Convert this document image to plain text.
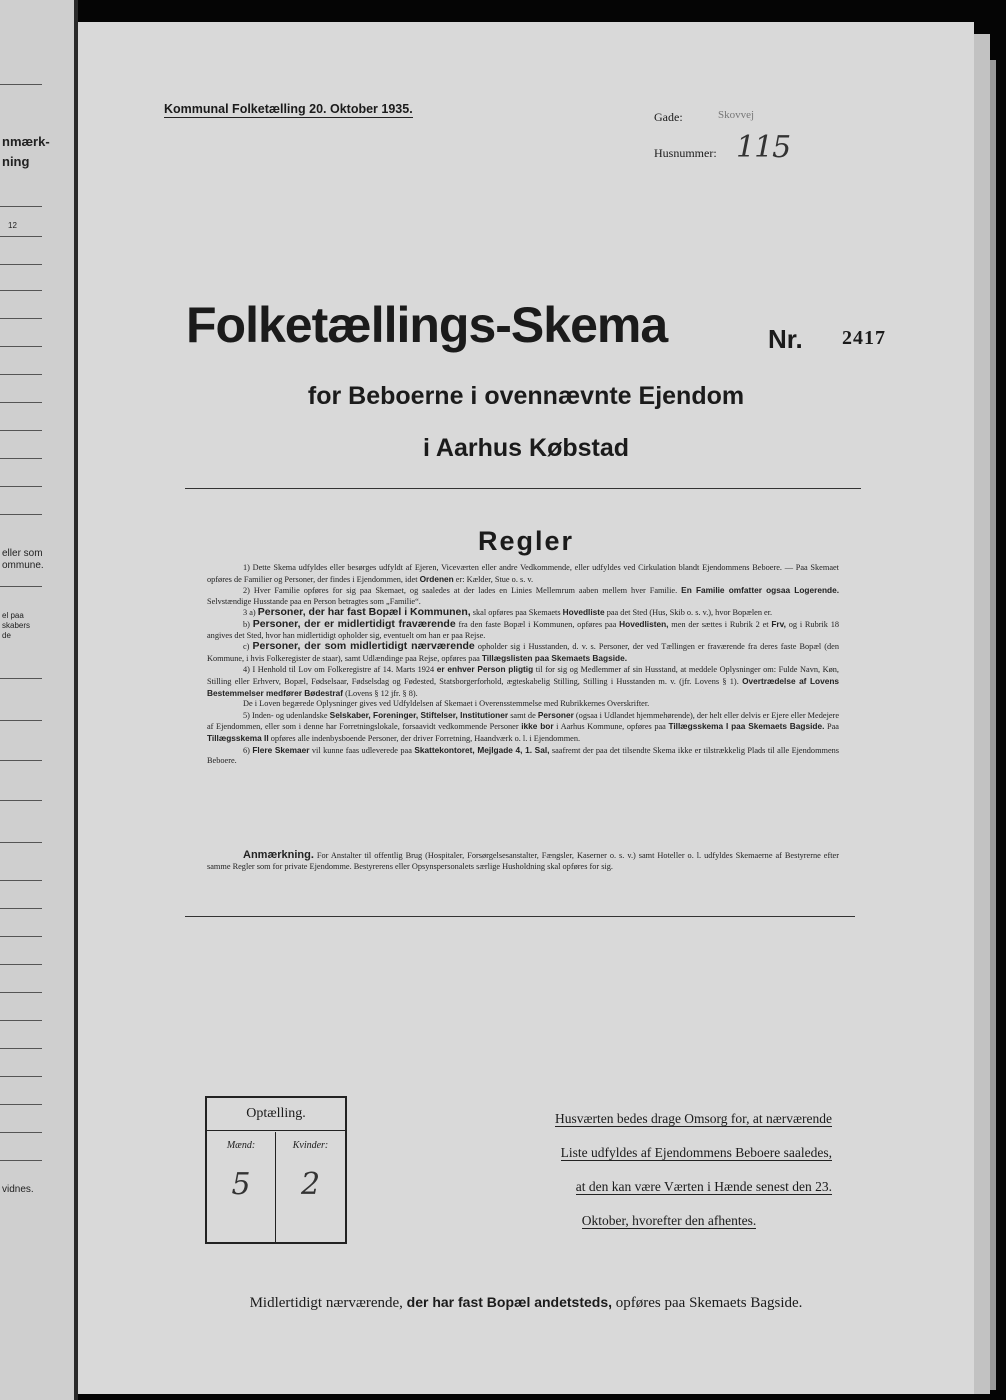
nmærk-
ning
12
eller som
ommune.
el paa
skabers
de
vidnes.
Kommunal Folketælling 20. Oktober 1935.
Gade:	Skovvej
Husnummer: 115
Folketællings-Skema	Nr. 2417
for Beboerne i ovennævnte Ejendom
i Aarhus Købstad
Regler

1) Dette Skema udfyldes eller besørges udfyldt af Ejeren, Viceværten eller andre Vedkommende, eller udfyldes ved Cirkulation blandt Ejendommens Beboere. — Paa Skemaet opføres de Familier og Personer, der findes i Ejendommen, idet Ordenen er: Kælder, Stue o. s. v.

2) Hver Familie opføres for sig paa Skemaet, og saaledes at der lades en Linies Mellemrum aaben mellem hver Familie. En Familie omfatter ogsaa Logerende. Selvstændige Husstande paa en Person betragtes som „Familie“.

3 a) Personer, der har fast Bopæl i Kommunen, skal opføres paa Skemaets Hovedliste paa det Sted (Hus, Skib o. s. v.), hvor Bopælen er.

b) Personer, der er midlertidigt fraværende fra den faste Bopæl i Kommunen, opføres paa Hovedlisten, men der sættes i Rubrik 2 et Frv, og i Rubrik 18 angives det Sted, hvor han midlertidigt opholder sig, eventuelt om han er paa Rejse.

c) Personer, der som midlertidigt nærværende opholder sig i Husstanden, d. v. s. Personer, der ved Tællingen er fraværende fra deres faste Bopæl (den Kommune, i hvis Folkeregister de staar), samt Udlændinge paa Rejse, opføres paa Tillægslisten paa Skemaets Bagside.

4) I Henhold til Lov om Folkeregistre af 14. Marts 1924 er enhver Person pligtig til for sig og Medlemmer af sin Husstand, at meddele Oplysninger om: Fulde Navn, Køn, Stilling eller Erhverv, Bopæl, Fødselsaar, Fødselsdag og Fødested, Statsborgerforhold, ægteskabelig Stilling, Stilling i Husstanden m. v. (jfr. Lovens § 1). Overtrædelse af Lovens Bestemmelser medfører Bødestraf (Lovens § 12 jfr. § 8).

De i Loven begærede Oplysninger gives ved Udfyldelsen af Skemaet i Overensstemmelse med Rubrikkernes Overskrifter.

5) Inden- og udenlandske Selskaber, Foreninger, Stiftelser, Institutioner samt de Personer (ogsaa i Udlandet hjemmehørende), der helt eller delvis er Ejere eller Medejere af Ejendommen, eller som i denne har Forretningslokale, forsaavidt vedkommende Personer ikke bor i Aarhus Kommune, opføres paa Tillægsskema I paa Skemaets Bagside. Paa Tillægsskema II opføres alle indenbysboende Personer, der driver Forretning, Haandværk o. l. i Ejendommen.

6) Flere Skemaer vil kunne faas udleverede paa Skattekontoret, Mejlgade 4, 1. Sal, saafremt der paa det tilsendte Skema ikke er tilstrækkelig Plads til alle Ejendommens Beboere.

Anmærkning. For Anstalter til offentlig Brug (Hospitaler, Forsørgelsesanstalter, Fængsler, Kaserner o. s. v.) samt Hoteller o. l. udfyldes Skemaerne af Bestyrerne efter samme Regler som for private Ejendomme. Bestyrerens eller Opsynspersonalets særlige Husholdning skal opføres for sig.

Optælling.
Mænd:
5
Kvinder:
2
Husværten bedes drage Omsorg for, at nærværende
Liste udfyldes af Ejendommens Beboere saaledes,
at den kan være Værten i Hænde senest den 23.
Oktober, hvorefter den afhentes.
Midlertidigt nærværende, der har fast Bopæl andetsteds, opføres paa Skemaets Bagside.
